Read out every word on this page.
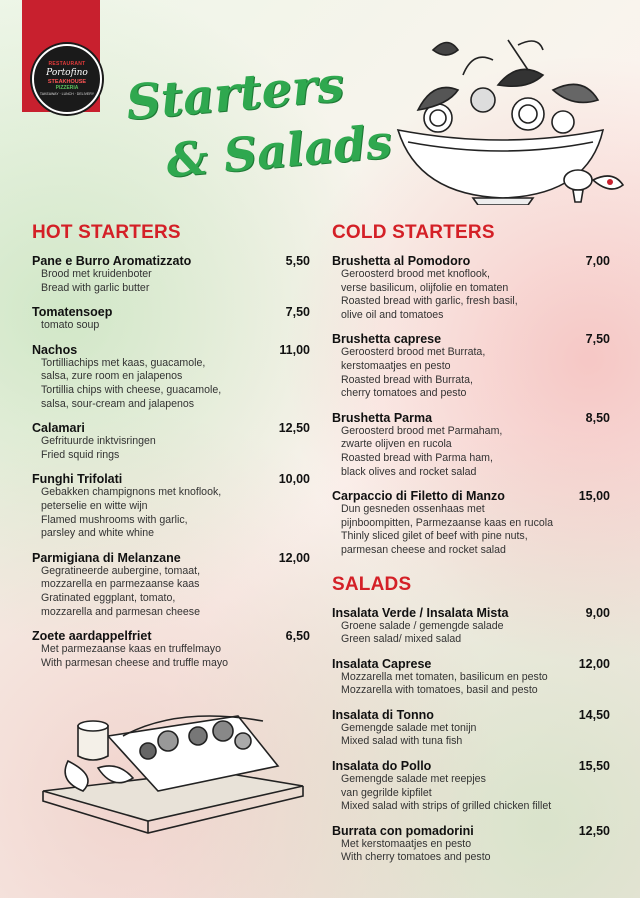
RESTAURANT
Portofino
STEAKHOUSE
PIZZERIA
TAKEAWAY · LUNCH · DELIVERY Starters
& Salads
HOT STARTERS
Pane e Burro Aromatizzato	5,50
Brood met kruidenboter
Bread with garlic butter
Tomatensoep	7,50
tomato soup
Nachos	11,00
Tortilliachips met kaas, guacamole,
salsa, zure room en jalapenos
Tortillia chips with cheese, guacamole,
salsa, sour-cream and jalapenos
Calamari	12,50
Gefrituurde inktvisringen
Fried squid rings
Funghi Trifolati	10,00
Gebakken champignons met knoflook,
peterselie en witte wijn
Flamed mushrooms with garlic,
parsley and white whine
Parmigiana di Melanzane	12,00
Gegratineerde aubergine, tomaat,
mozzarella en parmezaanse kaas
Gratinated eggplant, tomato,
mozzarella and parmesan cheese
Zoete aardappelfriet	6,50
Met parmezaanse kaas en truffelmayo
With parmesan cheese and truffle mayo
COLD STARTERS
Brushetta al Pomodoro	7,00
Geroosterd brood met knoflook,
verse basilicum, olijfolie en tomaten
Roasted bread with garlic, fresh basil,
olive oil and tomatoes
Brushetta caprese	7,50
Geroosterd brood met Burrata,
kerstomaatjes en pesto
Roasted bread with Burrata,
cherry tomatoes and pesto
Brushetta Parma	8,50
Geroosterd brood met Parmaham,
zwarte olijven en rucola
Roasted bread with Parma ham,
black olives and rocket salad
Carpaccio di Filetto di Manzo	15,00
Dun gesneden ossenhaas met
pijnboompitten, Parmezaanse kaas en rucola
Thinly sliced gilet of beef with pine nuts,
parmesan cheese and rocket salad
SALADS
Insalata Verde / Insalata Mista	9,00
Groene salade / gemengde salade
Green salad/ mixed salad
Insalata Caprese	12,00
Mozzarella met tomaten, basilicum en pesto
Mozzarella with tomatoes, basil and pesto
Insalata di Tonno	14,50
Gemengde salade met tonijn
Mixed salad with tuna fish
Insalata do Pollo	15,50
Gemengde salade met reepjes
van gegrilde kipfilet
Mixed salad with strips of grilled chicken fillet
Burrata con pomadorini	12,50
Met kerstomaatjes en pesto
With cherry tomatoes and pesto
